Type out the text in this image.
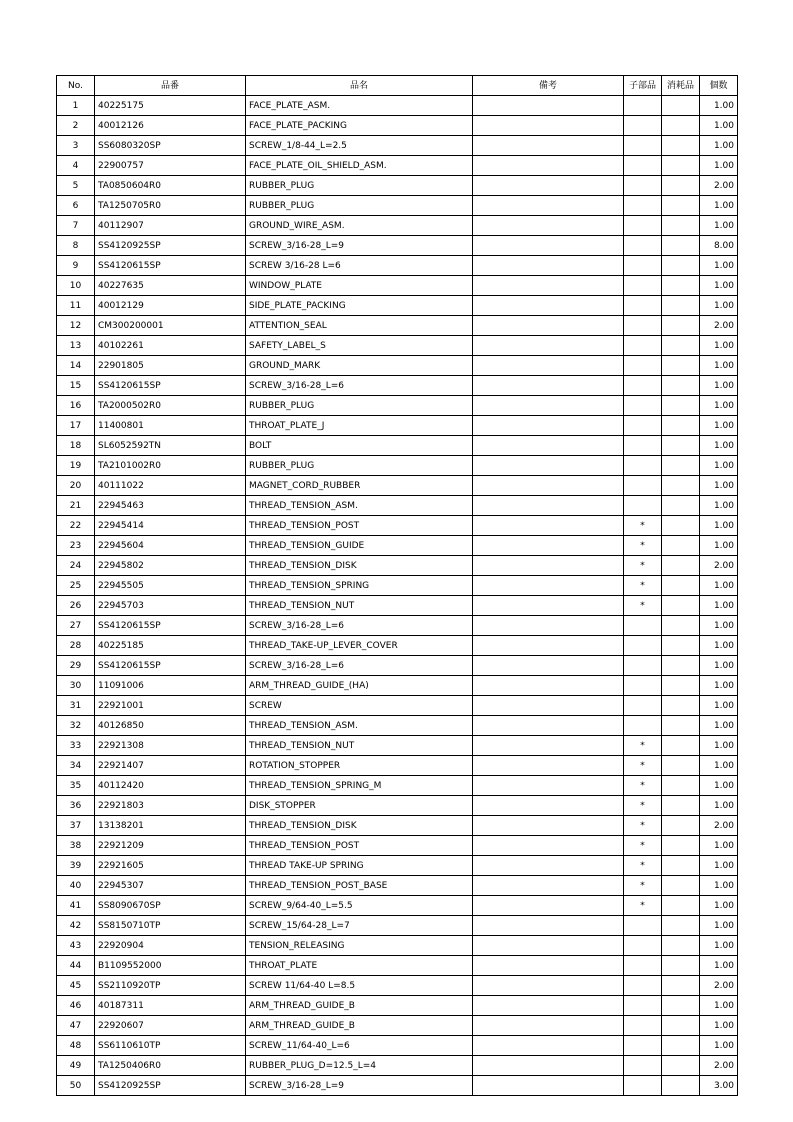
No.	品番	品名	備考	子部品	消耗品	個数
1	40225175	FACE_PLATE_ASM.				1.00
2	40012126	FACE_PLATE_PACKING				1.00
3	SS6080320SP	SCREW_1/8-44_L=2.5				1.00
4	22900757	FACE_PLATE_OIL_SHIELD_ASM.				1.00
5	TA0850604R0	RUBBER_PLUG				2.00
6	TA1250705R0	RUBBER_PLUG				1.00
7	40112907	GROUND_WIRE_ASM.				1.00
8	SS4120925SP	SCREW_3/16-28_L=9				8.00
9	SS4120615SP	SCREW 3/16-28 L=6				1.00
10	40227635	WINDOW_PLATE				1.00
11	40012129	SIDE_PLATE_PACKING				1.00
12	CM300200001	ATTENTION_SEAL				2.00
13	40102261	SAFETY_LABEL_S				1.00
14	22901805	GROUND_MARK				1.00
15	SS4120615SP	SCREW_3/16-28_L=6				1.00
16	TA2000502R0	RUBBER_PLUG				1.00
17	11400801	THROAT_PLATE_J				1.00
18	SL6052592TN	BOLT				1.00
19	TA2101002R0	RUBBER_PLUG				1.00
20	40111022	MAGNET_CORD_RUBBER				1.00
21	22945463	THREAD_TENSION_ASM.				1.00
22	22945414	THREAD_TENSION_POST		*		1.00
23	22945604	THREAD_TENSION_GUIDE		*		1.00
24	22945802	THREAD_TENSION_DISK		*		2.00
25	22945505	THREAD_TENSION_SPRING		*		1.00
26	22945703	THREAD_TENSION_NUT		*		1.00
27	SS4120615SP	SCREW_3/16-28_L=6				1.00
28	40225185	THREAD_TAKE-UP_LEVER_COVER				1.00
29	SS4120615SP	SCREW_3/16-28_L=6				1.00
30	11091006	ARM_THREAD_GUIDE_(HA)				1.00
31	22921001	SCREW				1.00
32	40126850	THREAD_TENSION_ASM.				1.00
33	22921308	THREAD_TENSION_NUT		*		1.00
34	22921407	ROTATION_STOPPER		*		1.00
35	40112420	THREAD_TENSION_SPRING_M		*		1.00
36	22921803	DISK_STOPPER		*		1.00
37	13138201	THREAD_TENSION_DISK		*		2.00
38	22921209	THREAD_TENSION_POST		*		1.00
39	22921605	THREAD TAKE-UP SPRING		*		1.00
40	22945307	THREAD_TENSION_POST_BASE		*		1.00
41	SS8090670SP	SCREW_9/64-40_L=5.5		*		1.00
42	SS8150710TP	SCREW_15/64-28_L=7				1.00
43	22920904	TENSION_RELEASING				1.00
44	B1109552000	THROAT_PLATE				1.00
45	SS2110920TP	SCREW 11/64-40 L=8.5				2.00
46	40187311	ARM_THREAD_GUIDE_B				1.00
47	22920607	ARM_THREAD_GUIDE_B				1.00
48	SS6110610TP	SCREW_11/64-40_L=6				1.00
49	TA1250406R0	RUBBER_PLUG_D=12.5_L=4				2.00
50	SS4120925SP	SCREW_3/16-28_L=9				3.00
